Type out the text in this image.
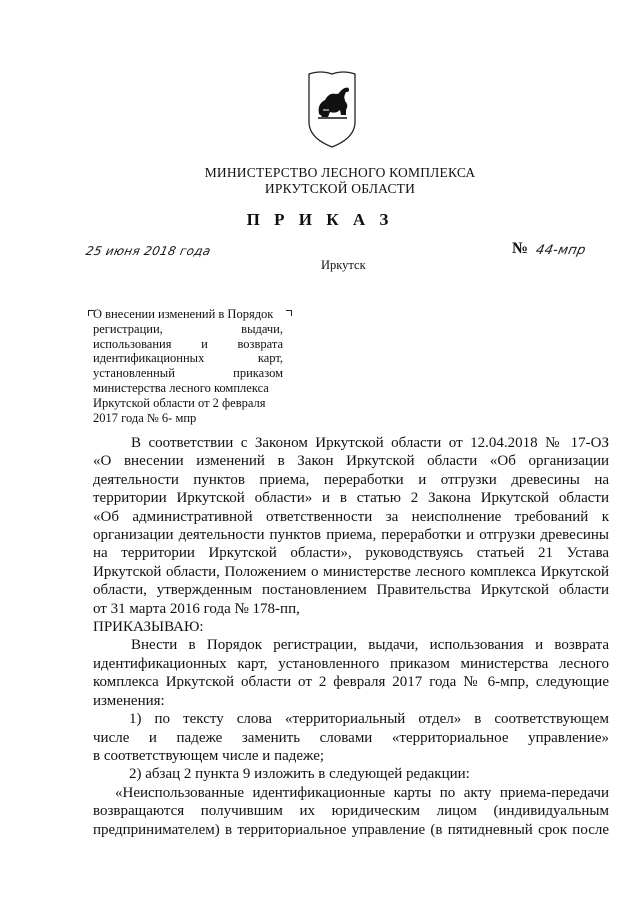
МИНИСТЕРСТВО ЛЕСНОГО КОМПЛЕКСА
ИРКУТСКОЙ ОБЛАСТИ
П Р И К А З
25 июня 2018 года	№ 44-мпр
Иркутск
О внесении изменений в Порядок
регистрации, выдачи,
использования и возврата
идентификационных карт,
установленный приказом
министерства лесного комплекса
Иркутской области от 2 февраля
2017 года № 6- мпр
В соответствии с Законом Иркутской области от 12.04.2018 № 17-ОЗ
«О внесении изменений в Закон Иркутской области «Об организации
деятельности пунктов приема, переработки и отгрузки древесины на
территории Иркутской области» и в статью 2 Закона Иркутской области
«Об административной ответственности за неисполнение требований к
организации деятельности пунктов приема, переработки и отгрузки древесины
на территории Иркутской области», руководствуясь статьей 21 Устава
Иркутской области, Положением о министерстве лесного комплекса Иркутской
области, утвержденным постановлением Правительства Иркутской области
от 31 марта 2016 года № 178-пп,
ПРИКАЗЫВАЮ:
Внести в Порядок регистрации, выдачи, использования и возврата
идентификационных карт, установленного приказом министерства лесного
комплекса Иркутской области от 2 февраля 2017 года № 6-мпр, следующие
изменения:
1) по тексту слова «территориальный отдел» в соответствующем
числе и падеже заменить словами «территориальное управление»
в соответствующем числе и падеже;
2) абзац 2 пункта 9 изложить в следующей редакции:
«Неиспользованные идентификационные карты по акту приема-передачи
возвращаются получившим их юридическим лицом (индивидуальным
предпринимателем) в территориальное управление (в пятидневный срок после
